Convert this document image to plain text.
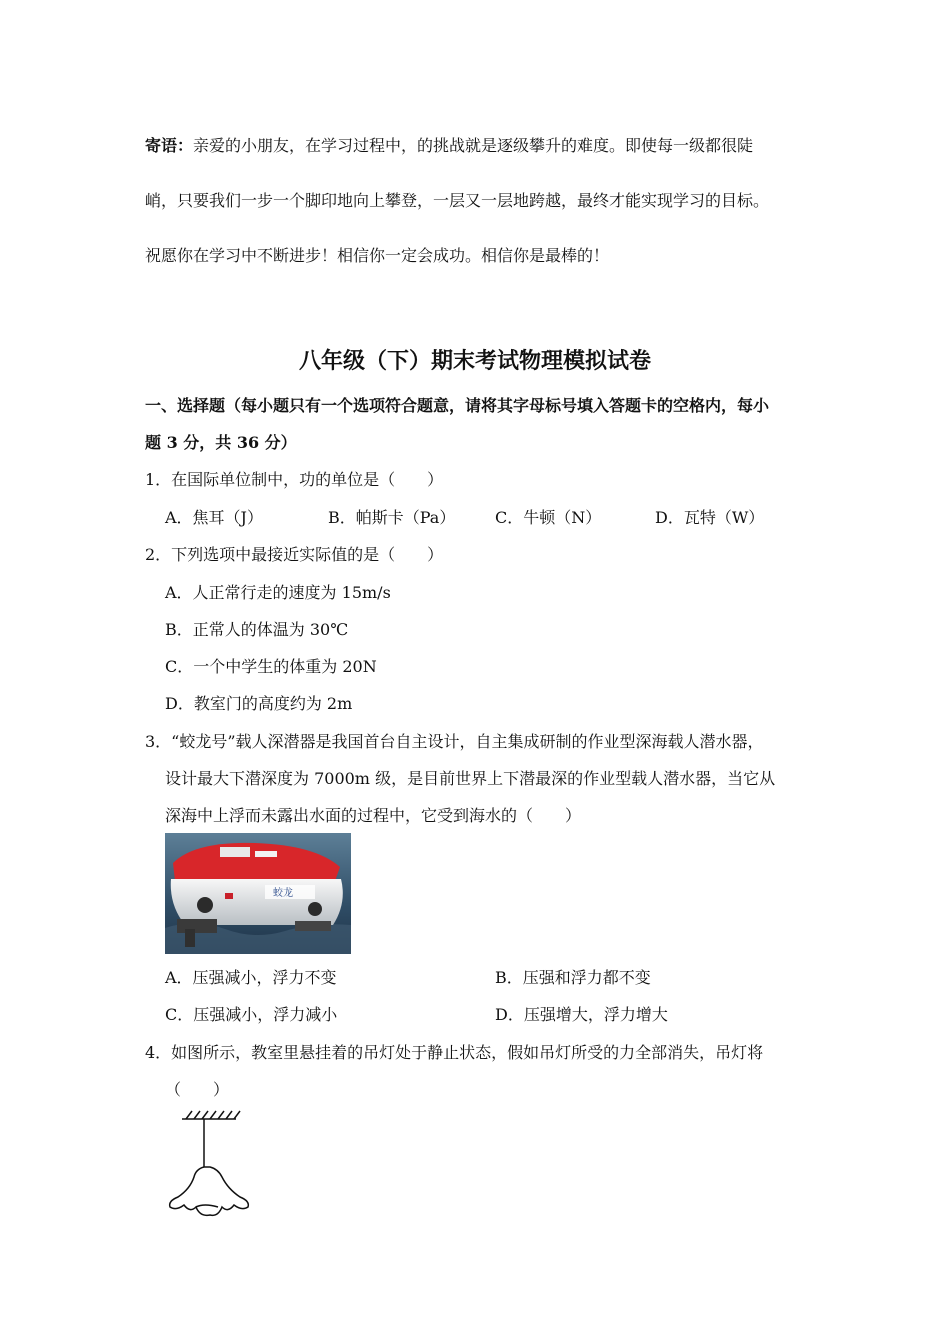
寄语：亲爱的小朋友，在学习过程中，的挑战就是逐级攀升的难度。即使每一级都很陡
峭，只要我们一步一个脚印地向上攀登，一层又一层地跨越，最终才能实现学习的目标。
祝愿你在学习中不断进步！相信你一定会成功。相信你是最棒的！
八年级（下）期末考试物理模拟试卷
一、选择题（每小题只有一个选项符合题意，请将其字母标号填入答题卡的空格内，每小
题 3 分，共 36 分）
1．在国际单位制中，功的单位是（　　）
A．焦耳（J）	B．帕斯卡（Pa） C．牛顿（N）	D．瓦特（W）
2．下列选项中最接近实际值的是（　　）
A．人正常行走的速度为 15m/s
B．正常人的体温为 30℃
C．一个中学生的体重为 20N
D．教室门的高度约为 2m
3．“蛟龙号”载人深潜器是我国首台自主设计，自主集成研制的作业型深海载人潜水器，
设计最大下潜深度为 7000m 级，是目前世界上下潜最深的作业型载人潜水器，当它从
深海中上浮而未露出水面的过程中，它受到海水的（　　）
蛟龙
A．压强减小，浮力不变	B．压强和浮力都不变
C．压强减小，浮力减小	D．压强增大，浮力增大
4．如图所示，教室里悬挂着的吊灯处于静止状态，假如吊灯所受的力全部消失，吊灯将
（　　）
